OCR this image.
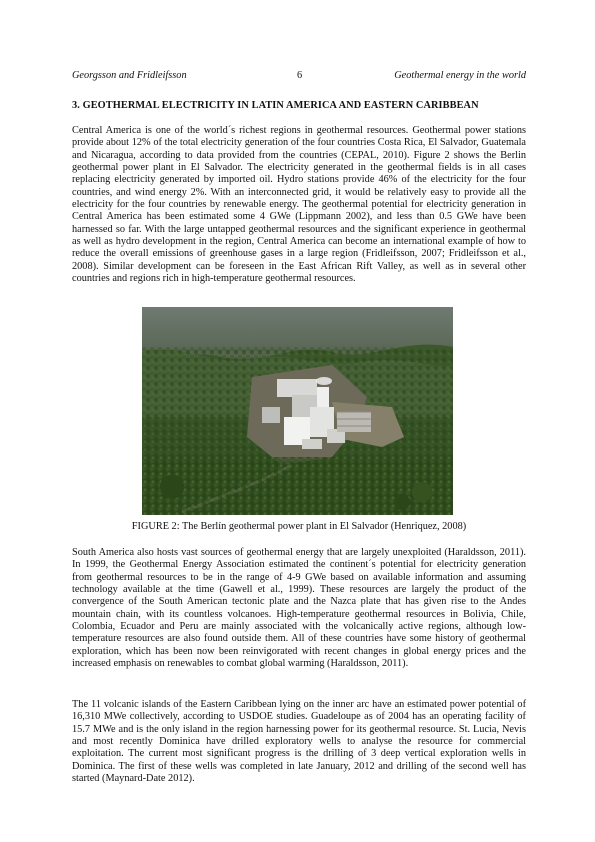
Georgsson and Fridleifsson	6	Geothermal energy in the world
3. GEOTHERMAL ELECTRICITY IN LATIN AMERICA AND EASTERN CARIBBEAN

Central America is one of the world´s richest regions in geothermal resources. Geothermal power stations provide about 12% of the total electricity generation of the four countries Costa Rica, El Salvador, Guatemala and Nicaragua, according to data provided from the countries (CEPAL, 2010). Figure 2 shows the Berlin geothermal power plant in El Salvador. The electricity generated in the geothermal fields is in all cases replacing electricity generated by imported oil. Hydro stations provide 46% of the electricity for the four countries, and wind energy 2%. With an interconnected grid, it would be relatively easy to provide all the electricity for the four countries by renewable energy. The geothermal potential for electricity generation in Central America has been estimated some 4 GWe (Lippmann 2002), and less than 0.5 GWe have been harnessed so far. With the large untapped geothermal resources and the significant experience in geothermal as well as hydro development in the region, Central America can become an international example of how to reduce the overall emissions of greenhouse gases in a large region (Fridleifsson, 2007; Fridleifsson et al., 2008). Similar development can be foreseen in the East African Rift Valley, as well as in several other countries and regions rich in high-temperature geothermal resources.

FIGURE 2: The Berlín geothermal power plant in El Salvador (Henriquez, 2008)

South America also hosts vast sources of geothermal energy that are largely unexploited (Haraldsson, 2011). In 1999, the Geothermal Energy Association estimated the continent´s potential for electricity generation from geothermal resources to be in the range of 4-9 GWe based on available information and assuming technology available at the time (Gawell et al., 1999). These resources are largely the product of the convergence of the South American tectonic plate and the Nazca plate that has given rise to the Andes mountain chain, with its countless volcanoes. High-temperature geothermal resources in Bolivia, Chile, Colombia, Ecuador and Peru are mainly associated with the volcanically active regions, although low-temperature resources are also found outside them. All of these countries have some history of geothermal exploration, which has been now been reinvigorated with recent changes in global energy prices and the increased emphasis on renewables to combat global warming (Haraldsson, 2011).

The 11 volcanic islands of the Eastern Caribbean lying on the inner arc have an estimated power potential of 16,310 MWe collectively, according to USDOE studies. Guadeloupe as of 2004 has an operating facility of 15.7 MWe and is the only island in the region harnessing power for its geothermal resource. St. Lucia, Nevis and most recently Dominica have drilled exploratory wells to analyse the resource for commercial exploitation. The current most significant progress is the drilling of 3 deep vertical exploration wells in Dominica. The first of these wells was completed in late January, 2012 and drilling of the second well has started (Maynard-Date 2012).
